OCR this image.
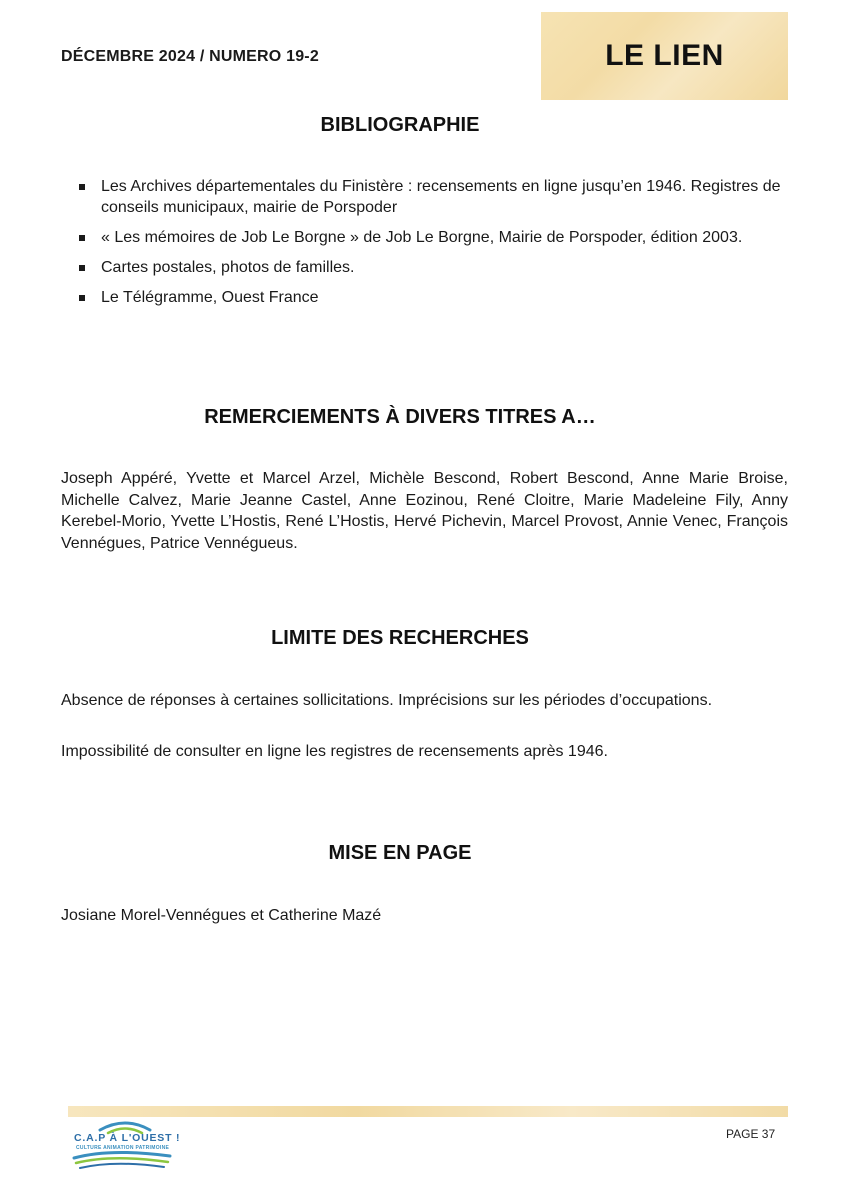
DÉCEMBRE 2024 / NUMERO 19-2	LE LIEN
BIBLIOGRAPHIE
Les Archives départementales du Finistère : recensements en ligne jusqu’en 1946. Registres de conseils municipaux, mairie de Porspoder
« Les mémoires de Job Le Borgne » de Job Le Borgne, Mairie de Porspoder, édition 2003.
Cartes postales, photos de familles.
Le Télégramme, Ouest France
REMERCIEMENTS À DIVERS TITRES A…

Joseph Appéré, Yvette et Marcel Arzel, Michèle Bescond, Robert Bescond, Anne Marie Broise, Michelle Calvez, Marie Jeanne Castel, Anne Eozinou, René Cloitre, Marie Madeleine Fily, Anny Kerebel-Morio, Yvette L’Hostis, René L’Hostis, Hervé Pichevin, Marcel Provost, Annie Venec, François Vennégues, Patrice Vennégueus.

LIMITE DES RECHERCHES

Absence de réponses à certaines sollicitations. Imprécisions sur les périodes d’occupations.

Impossibilité de consulter en ligne les registres de recensements après 1946.

MISE EN PAGE

Josiane Morel-Vennégues et Catherine Mazé

C.A.P À L'OUEST !
CULTURE ANIMATION PATRIMOINE
PAGE 37
